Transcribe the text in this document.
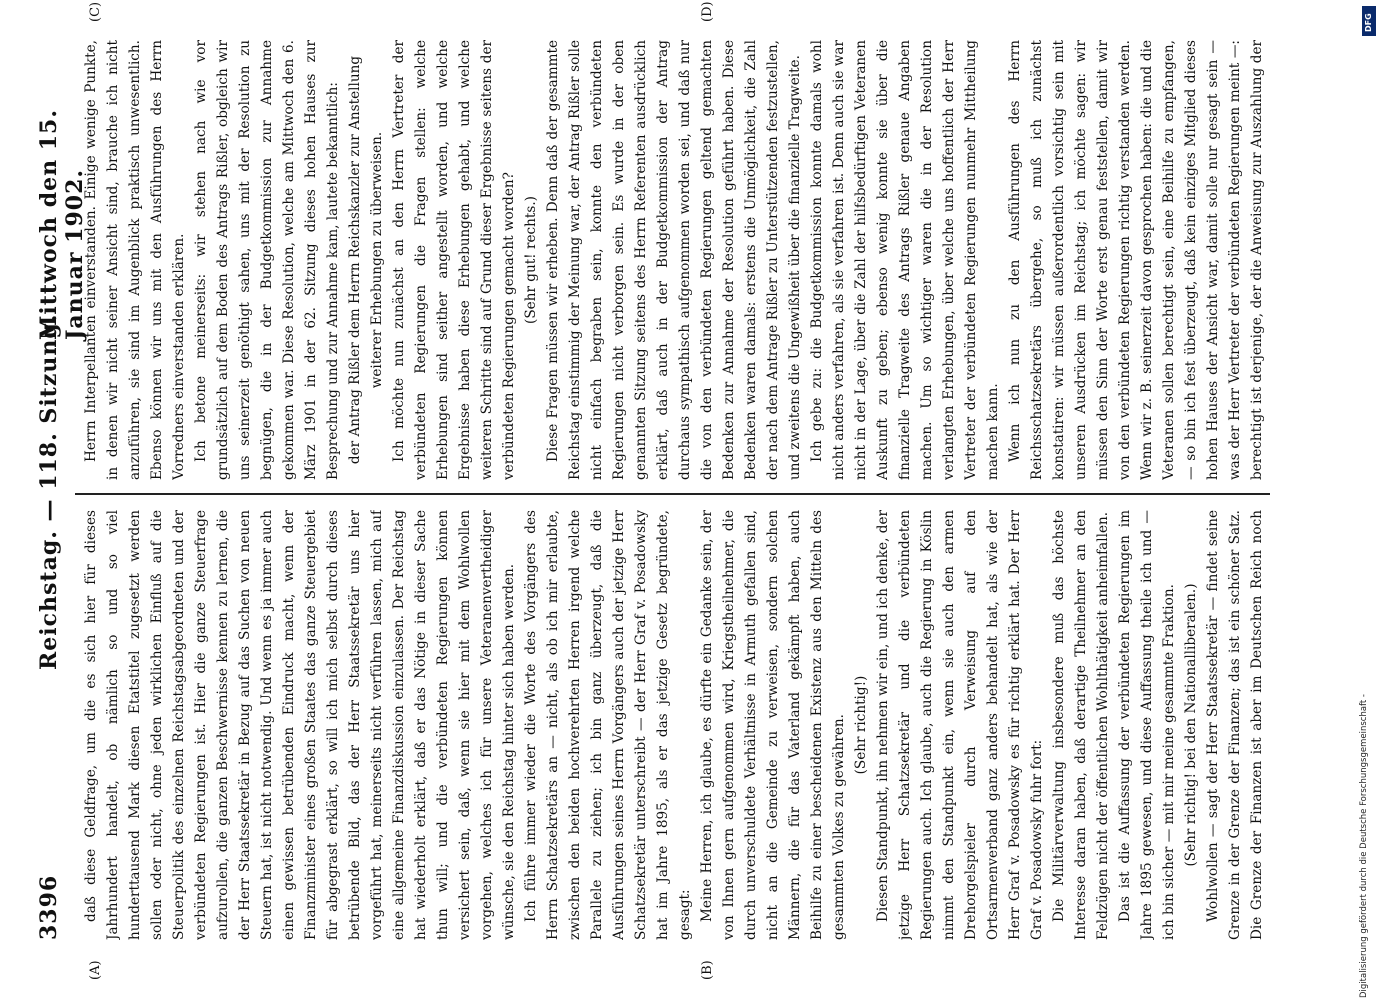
3396
Reichstag. — 118. Sitzung.
Mittwoch den 15. Januar 1902.
(A)	(B)
(C)	(D)

daß diese Geldfrage, um die es sich hier für dieses Jahrhundert handelt, ob nämlich so und so viel hunderttausend Mark diesen Etatstitel zugesetzt werden sollen oder nicht, ohne jeden wirklichen Einfluß auf die Steuerpolitik des einzelnen Reichstagsabgeordneten und der verbündeten Regierungen ist. Hier die ganze Steuerfrage aufzurollen, die ganzen Beschwernisse kennen zu lernen, die der Herr Staatssekretär in Bezug auf das Suchen von neuen Steuern hat, ist nicht notwendig. Und wenn es ja immer auch einen gewissen betrübenden Eindruck macht, wenn der Finanzminister eines großen Staates das ganze Steuergebiet für abgegrast erklärt, so will ich mich selbst durch dieses betrübende Bild, das der Herr Staatssekretär uns hier vorgeführt hat, meinerseits nicht verführen lassen, mich auf eine allgemeine Finanzdiskussion einzulassen. Der Reichstag hat wiederholt erklärt, daß er das Nötige in dieser Sache thun will; und die verbündeten Regierungen können versichert sein, daß, wenn sie hier mit dem Wohlwollen vorgehen, welches ich für unsere Veteranenvertheidiger wünsche, sie den Reichstag hinter sich haben werden. Ich führe immer wieder die Worte des Vorgängers des Herrn Schatzsekretärs an — nicht, als ob ich mir erlaubte, zwischen den beiden hochverehrten Herren irgend welche Parallele zu ziehen; ich bin ganz überzeugt, daß die Ausführungen seines Herrn Vorgängers auch der jetzige Herr Schatzsekretär unterschreibt — der Herr Graf v. Posadowsky hat im Jahre 1895, als er das jetzige Gesetz begründete, gesagt: Meine Herren, ich glaube, es dürfte ein Gedanke sein, der von Ihnen gern aufgenommen wird, Kriegstheilnehmer, die durch unverschuldete Verhältnisse in Armuth gefallen sind, nicht an die Gemeinde zu verweisen, sondern solchen Männern, die für das Vaterland gekämpft haben, auch Beihilfe zu einer bescheidenen Existenz aus den Mitteln des gesammten Volkes zu gewähren. (Sehr richtig!) Diesen Standpunkt, ihn nehmen wir ein, und ich denke, der jetzige Herr Schatzsekretär und die verbündeten Regierungen auch. Ich glaube, auch die Regierung in Köslin nimmt den Standpunkt ein, wenn sie auch den armen Drehorgelspieler durch Verweisung auf den Ortsarmenverband ganz anders behandelt hat, als wie der Herr Graf v. Posadowsky es für richtig erklärt hat. Der Herr Graf v. Posadowsky fuhr fort: Die Militärverwaltung insbesondere muß das höchste Interesse daran haben, daß derartige Theilnehmer an den Feldzügen nicht der öffentlichen Wohlthätigkeit anheimfallen. Das ist die Auffassung der verbündeten Regierungen im Jahre 1895 gewesen, und diese Auffassung theile ich und — ich bin sicher — mit mir meine gesammte Fraktion. (Sehr richtig! bei den Nationalliberalen.)

Wohlwollen — sagt der Herr Staatssekretär — findet seine Grenze in der Grenze der Finanzen; das ist ein schöner Satz. Die Grenze der Finanzen ist aber im Deutschen Reich noch

Herrn Interpellanten einverstanden. Einige wenige Punkte, in denen wir nicht seiner Ansicht sind, brauche ich nicht anzuführen, sie sind im Augenblick praktisch unwesentlich. Ebenso können wir uns mit den Ausführungen des Herrn Vorredners einverstanden erklären. Ich betone meinerseits: wir stehen nach wie vor grundsätzlich auf dem Boden des Antrags Rißler, obgleich wir uns seinerzeit genöthigt sahen, uns mit der Resolution zu begnügen, die in der Budgetkommission zur Annahme gekommen war. Diese Resolution, welche am Mittwoch den 6. März 1901 in der 62. Sitzung dieses hohen Hauses zur Besprechung und zur Annahme kam, lautete bekanntlich: der Antrag Rißler dem Herrn Reichskanzler zur Anstellung weiterer Erhebungen zu überweisen. Ich möchte nun zunächst an den Herrn Vertreter der verbündeten Regierungen die Fragen stellen: welche Erhebungen sind seither angestellt worden, und welche Ergebnisse haben diese Erhebungen gehabt, und welche weiteren Schritte sind auf Grund dieser Ergebnisse seitens der verbündeten Regierungen gemacht worden? (Sehr gut! rechts.) Diese Fragen müssen wir erheben. Denn daß der gesammte Reichstag einstimmig der Meinung war, der Antrag Rißler solle nicht einfach begraben sein, konnte den verbündeten Regierungen nicht verborgen sein. Es wurde in der oben genannten Sitzung seitens des Herrn Referenten ausdrücklich erklärt, daß auch in der Budgetkommission der Antrag durchaus sympathisch aufgenommen worden sei, und daß nur die von den verbündeten Regierungen geltend gemachten Bedenken zur Annahme der Resolution geführt haben. Diese Bedenken waren damals: erstens die Unmöglichkeit, die Zahl der nach dem Antrage Rißler zu Unterstützenden festzustellen, und zweitens die Ungewißheit über die finanzielle Tragweite. Ich gebe zu: die Budgetkommission konnte damals wohl nicht anders verfahren, als sie verfahren ist. Denn auch sie war nicht in der Lage, über die Zahl der hilfsbedürftigen Veteranen Auskunft zu geben; ebenso wenig konnte sie über die finanzielle Tragweite des Antrags Rißler genaue Angaben machen. Um so wichtiger waren die in der Resolution verlangten Erhebungen, über welche uns hoffentlich der Herr Vertreter der verbündeten Regierungen nunmehr Mittheilung machen kann. Wenn ich nun zu den Ausführungen des Herrn Reichsschatzsekretärs übergehe, so muß ich zunächst konstatiren: wir müssen außerordentlich vorsichtig sein mit unseren Ausdrücken im Reichstag; ich möchte sagen: wir müssen den Sinn der Worte erst genau feststellen, damit wir von den verbündeten Regierungen richtig verstanden werden. Wenn wir z. B. seinerzeit davon gesprochen haben: die und die Veteranen sollen berechtigt sein, eine Beihilfe zu empfangen, — so bin ich fest überzeugt, daß kein einziges Mitglied dieses hohen Hauses der Ansicht war, damit solle nur gesagt sein — was der Herr Vertreter der verbündeten Regierungen meint —: berechtigt ist derjenige, der die Anweisung zur Auszahlung der

DFG
Digitalisierung gefördert durch die Deutsche Forschungsgemeinschaft -
